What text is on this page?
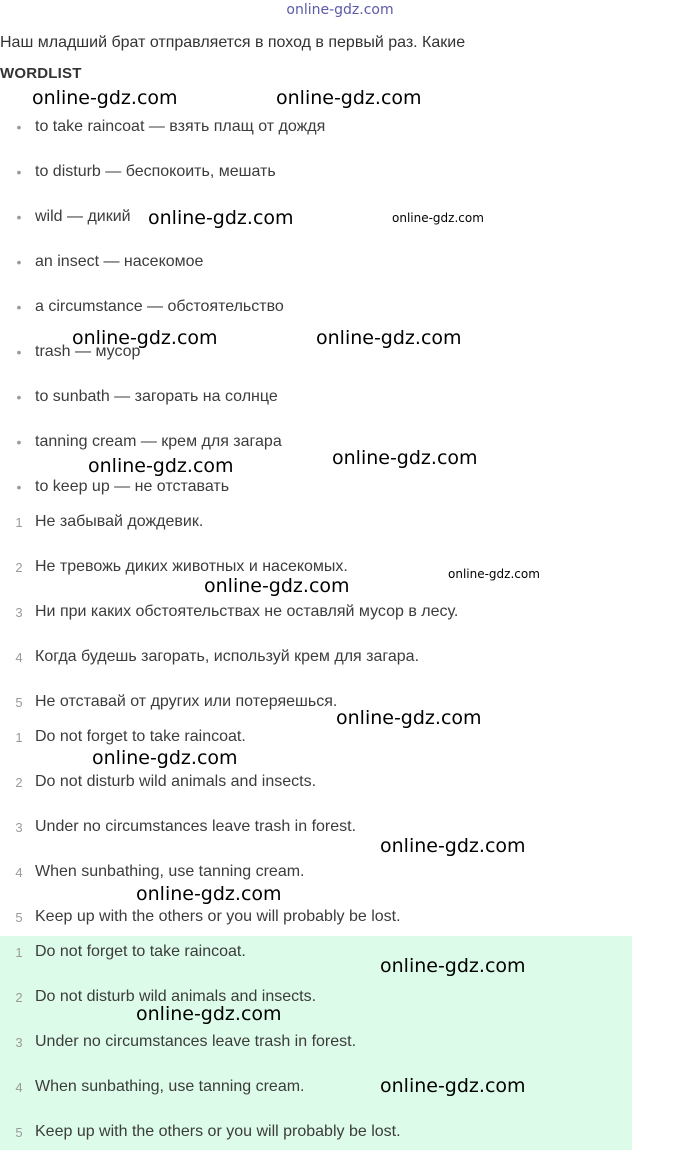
online-gdz.com
Наш младший брат отправляется в поход в первый раз. Какие
WORDLIST
• to take raincoat — взять плащ от дождя
• to disturb — беспокоить, мешать
• wild — дикий
• an insect — насекомое
• a circumstance — обстоятельство
• trash — мусор
• to sunbath — загорать на солнце
• tanning cream — крем для загара
• to keep up — не отставать
1 Не забывай дождевик.
2 Не тревожь диких животных и насекомых.
3 Ни при каких обстоятельствах не оставляй мусор в лесу.
4 Когда будешь загорать, используй крем для загара.
5 Не отставай от других или потеряешься.
1 Do not forget to take raincoat.
2 Do not disturb wild animals and insects.
3 Under no circumstances leave trash in forest.
4 When sunbathing, use tanning cream.
5 Keep up with the others or you will probably be lost.
1 Do not forget to take raincoat.
2 Do not disturb wild animals and insects.
3 Under no circumstances leave trash in forest.
4 When sunbathing, use tanning cream.
5 Keep up with the others or you will probably be lost.
online-gdz.com	online-gdz.com
online-gdz.com	online-gdz.com
online-gdz.com	online-gdz.com
online-gdz.com	online-gdz.com
online-gdz.com
online-gdz.com
online-gdz.com
online-gdz.com
online-gdz.com
online-gdz.com
online-gdz.com
online-gdz.com
online-gdz.com
